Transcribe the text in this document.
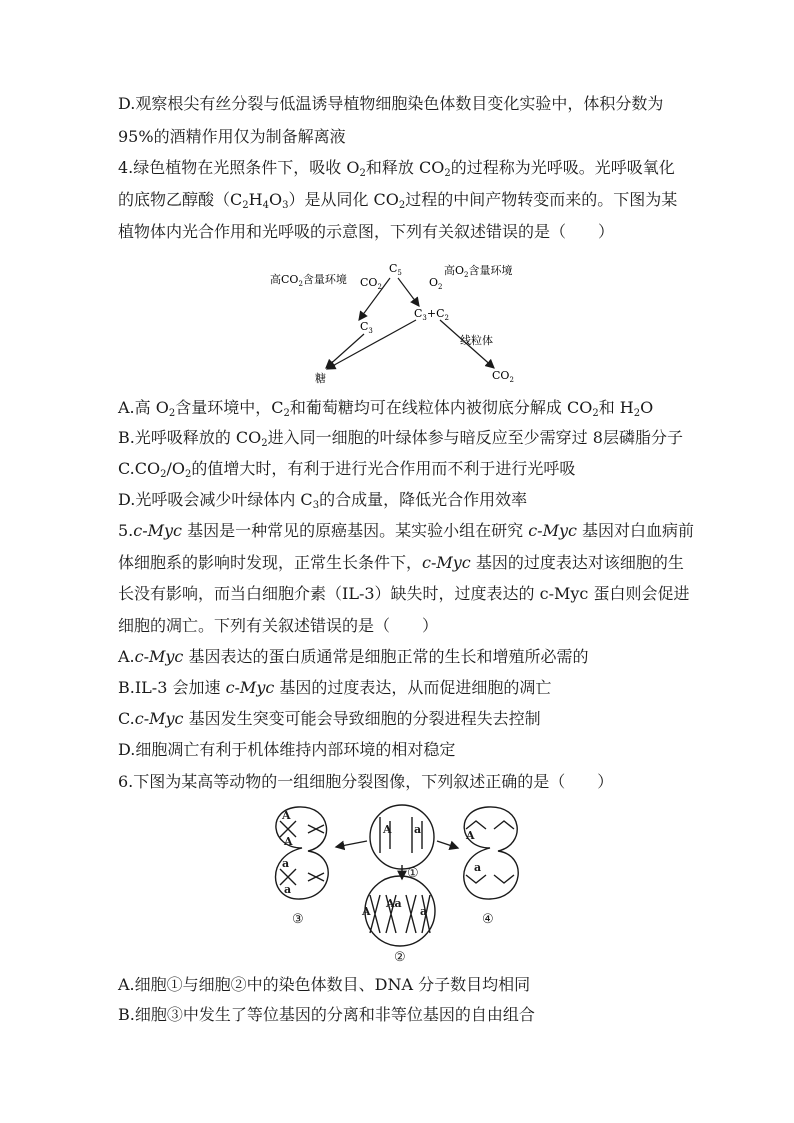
D.观察根尖有丝分裂与低温诱导植物细胞染色体数目变化实验中，体积分数为
95%的酒精作用仅为制备解离液
4.绿色植物在光照条件下，吸收 $O_2$和释放 $CO_2$的过程称为光呼吸。光呼吸氧化
的底物乙醇酸$(C_2H_4O_3)$是从同化 $CO_2$过程的中间产物转变而来的。下图为某
植物体内光合作用和光呼吸的示意图，下列有关叙述错误的是（　　）
高$CO_2$含量环境 $CO_2$
$C_5$
$O_2$
高$O_2$含量环境
$C_3$
$C_3+C_2$
线粒体
糖	$CO_2$
A.高 $O_2$含量环境中，$C_2$和葡萄糖均可在线粒体内被彻底分解成 $CO_2$和 $H_2O$
B.光呼吸释放的 $CO_2$进入同一细胞的叶绿体参与暗反应至少需穿过 8层磷脂分子
$C.CO_2/O_2$的值增大时，有利于进行光合作用而不利于进行光呼吸
D.光呼吸会减少叶绿体内 $C_3$的合成量，降低光合作用效率
5.c-Myc 基因是一种常见的原癌基因。某实验小组在研究 c-Myc 基因对白血病前
体细胞系的影响时发现，正常生长条件下，c-Myc 基因的过度表达对该细胞的生
长没有影响，而当白细胞介素（IL-3）缺失时，过度表达的 c-Myc 蛋白则会促进
细胞的凋亡。下列有关叙述错误的是（　　）
A.c-Myc 基因表达的蛋白质通常是细胞正常的生长和增殖所必需的
B.IL-3 会加速 c-Myc 基因的过度表达，从而促进细胞的凋亡
C.c-Myc 基因发生突变可能会导致细胞的分裂进程失去控制
D.细胞凋亡有利于机体维持内部环境的相对稳定
6.下图为某高等动物的一组细胞分裂图像，下列叙述正确的是（　　）
A
A
a
a
A a
A
Aa
a
A
a
①
②
③	④
A.细胞①与细胞②中的染色体数目、DNA 分子数目均相同
B.细胞③中发生了等位基因的分离和非等位基因的自由组合
